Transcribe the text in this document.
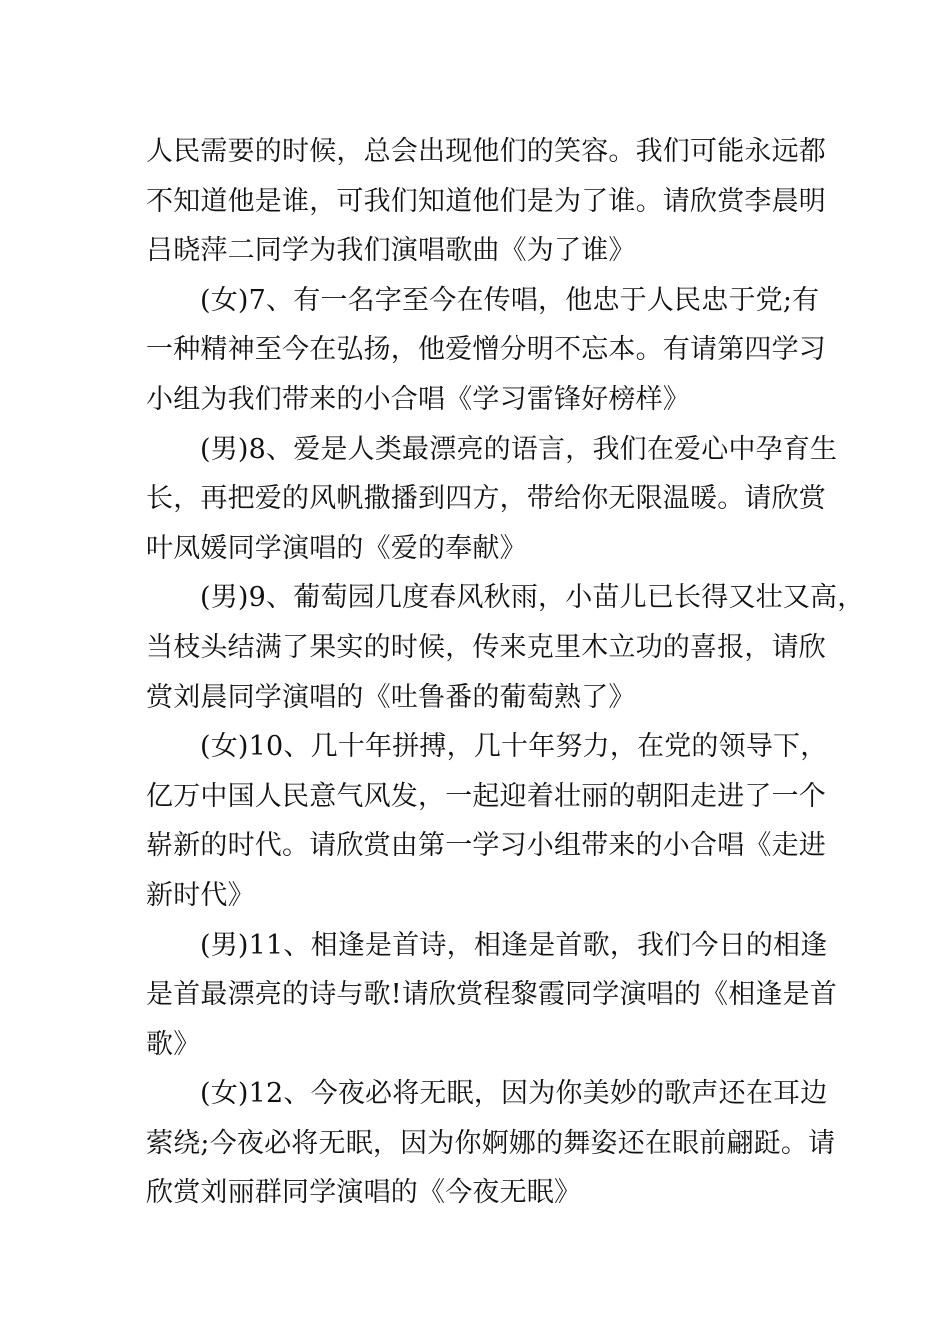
人民需要的时候，总会出现他们的笑容。我们可能永远都
不知道他是谁，可我们知道他们是为了谁。请欣赏李晨明
吕晓萍二同学为我们演唱歌曲《为了谁》
(女)7、有一名字至今在传唱，他忠于人民忠于党;有
一种精神至今在弘扬，他爱憎分明不忘本。有请第四学习
小组为我们带来的小合唱《学习雷锋好榜样》
(男)8、爱是人类最漂亮的语言，我们在爱心中孕育生
长，再把爱的风帆撒播到四方，带给你无限温暖。请欣赏
叶凤媛同学演唱的《爱的奉献》
(男)9、葡萄园几度春风秋雨，小苗儿已长得又壮又高，
当枝头结满了果实的时候，传来克里木立功的喜报，请欣
赏刘晨同学演唱的《吐鲁番的葡萄熟了》
(女)10、几十年拼搏，几十年努力，在党的领导下，
亿万中国人民意气风发，一起迎着壮丽的朝阳走进了一个
崭新的时代。请欣赏由第一学习小组带来的小合唱《走进
新时代》
(男)11、相逢是首诗，相逢是首歌，我们今日的相逢
是首最漂亮的诗与歌!请欣赏程黎霞同学演唱的《相逢是首
歌》
(女)12、今夜必将无眠，因为你美妙的歌声还在耳边
萦绕;今夜必将无眠，因为你婀娜的舞姿还在眼前翩跹。请
欣赏刘丽群同学演唱的《今夜无眠》
